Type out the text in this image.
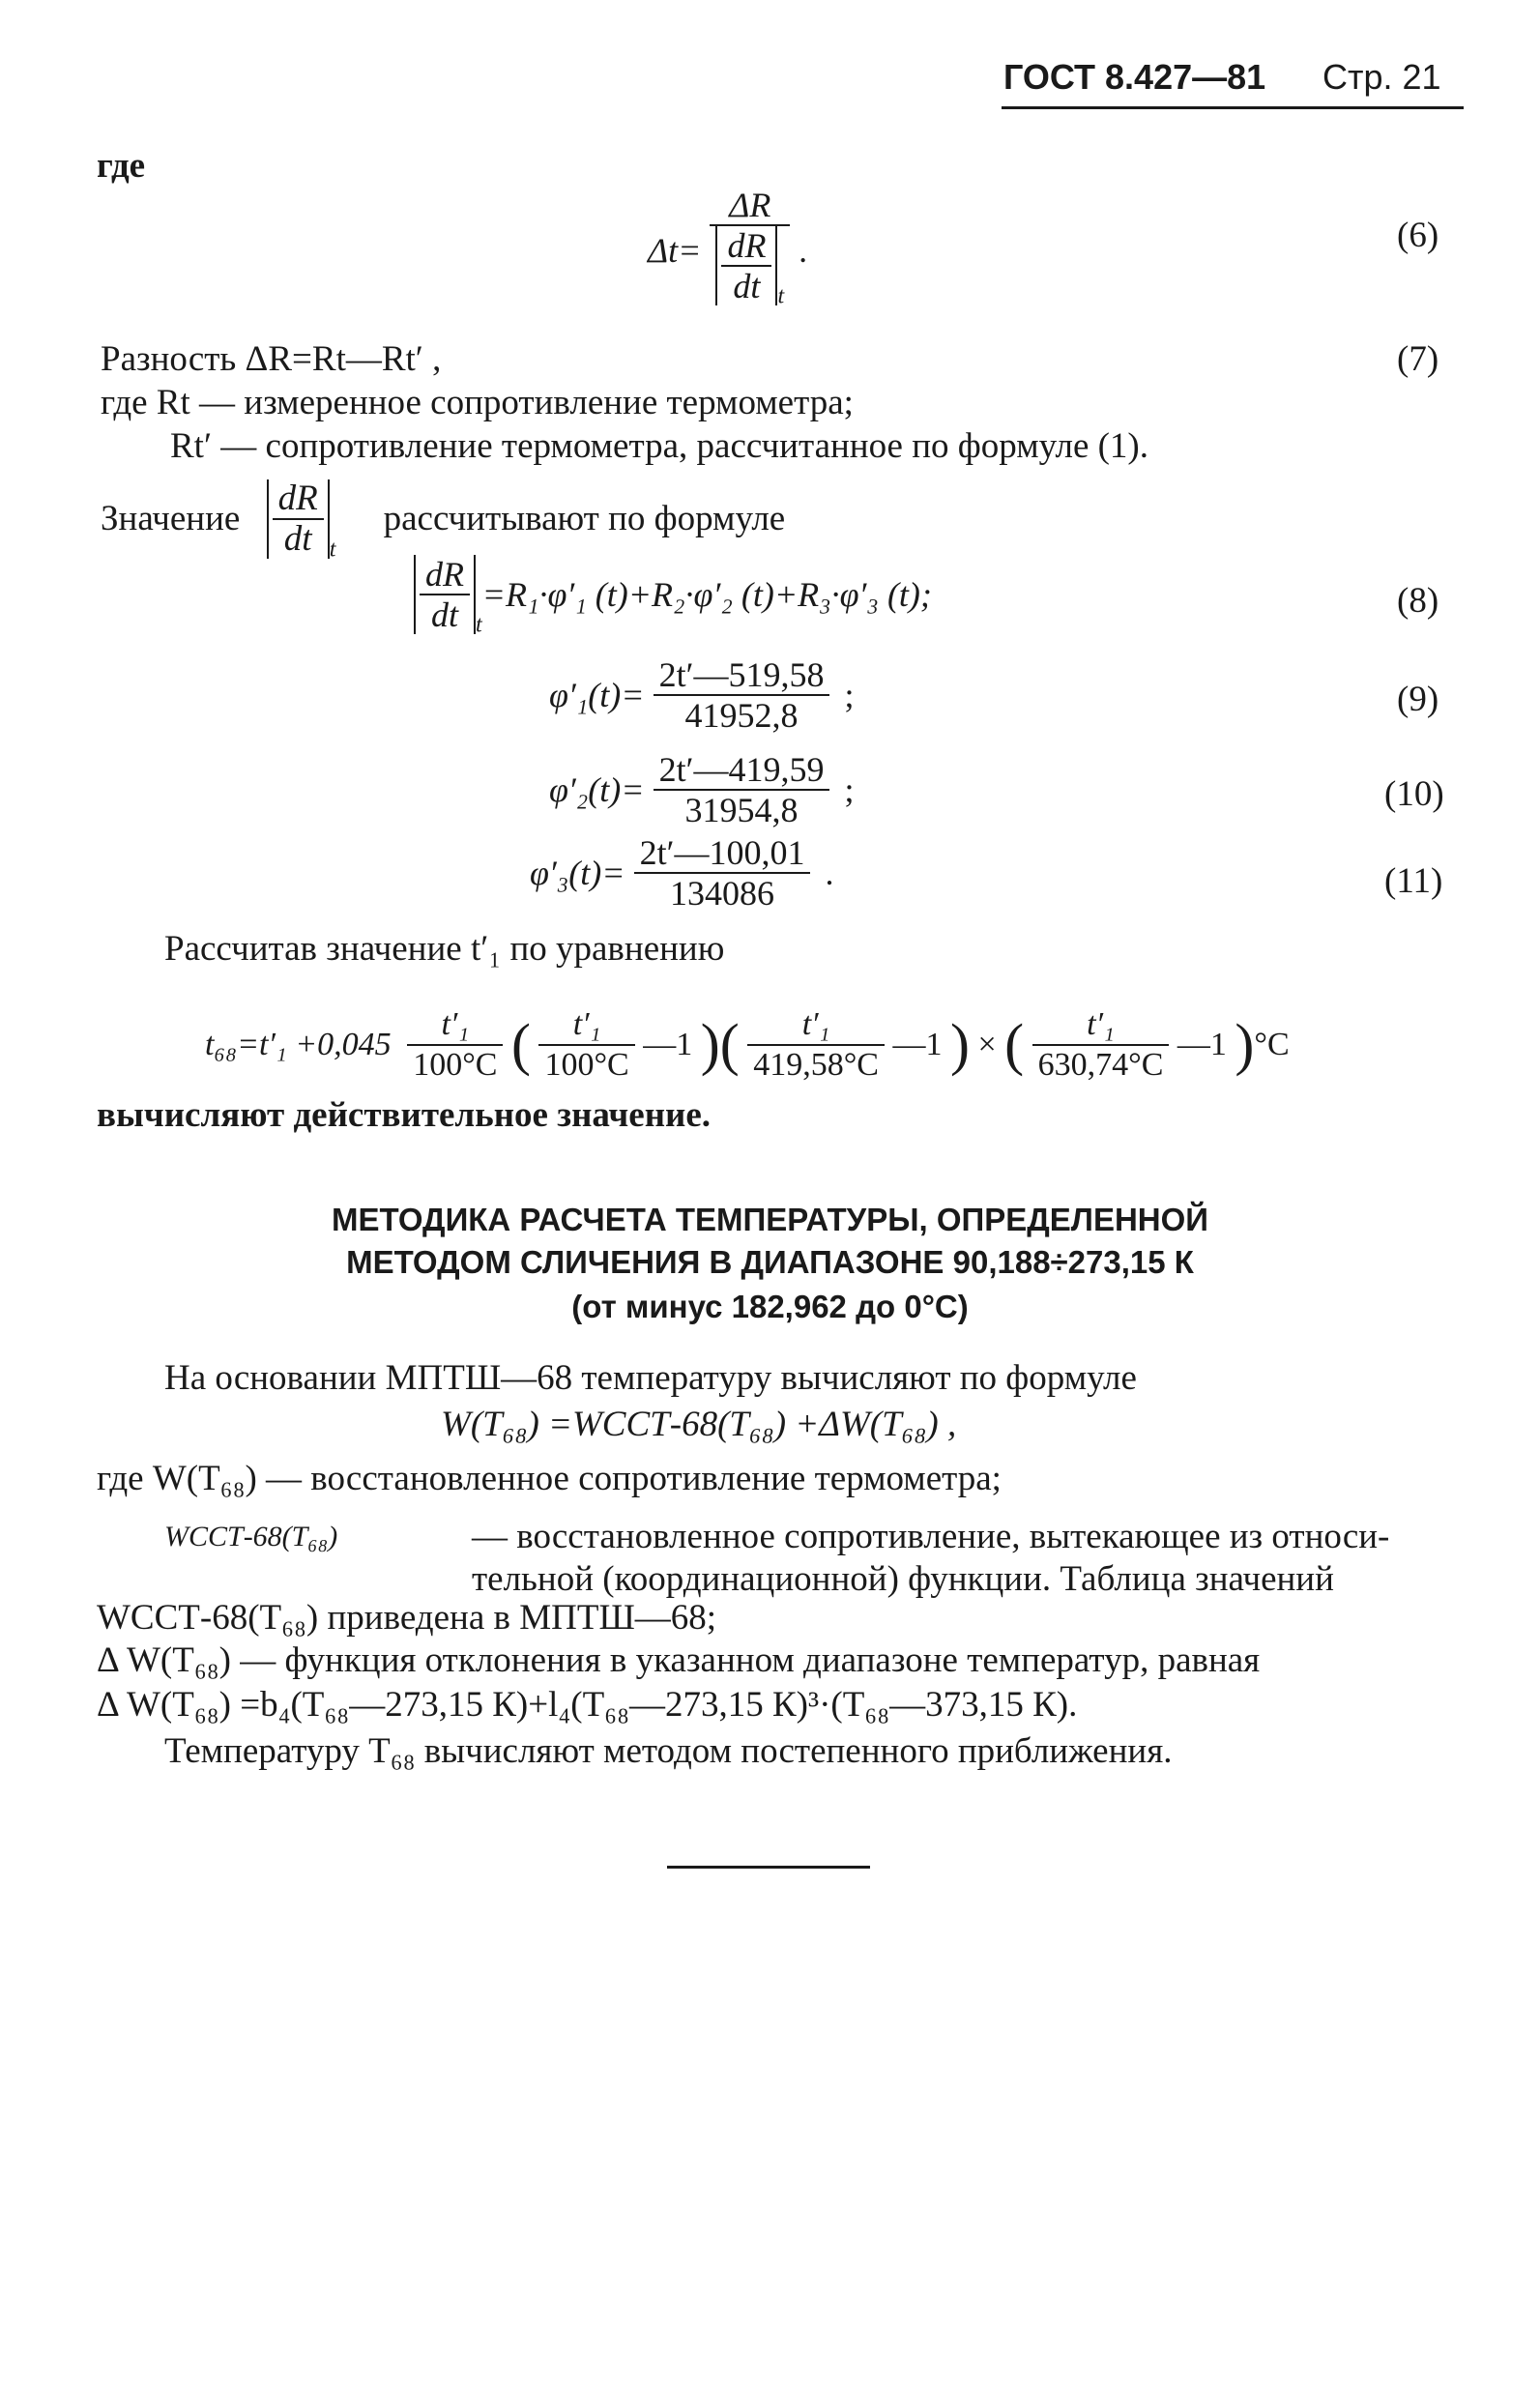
ГОСТ 8.427—81 Стр. 21
где
$\Delta t= \frac{\Delta R}{\frac{dR}{dt} _t}$ .	(6)
Разность ΔR=Rt—Rt′ ,	(7)
где Rt — измеренное сопротивление термометра;
Rt′ — сопротивление термометра, рассчитанное по формуле (1).
Значение $\frac{dR}{dt} _t$ рассчитывают по формуле
$\frac{dR}{dt} _t=R_1\cdot\varphi'_1$ (t)+R₂·φ′₂ (t)+R₃·φ′₃ (t);	(8)
$\varphi'_1(t)= \frac{2t'—519,58}{41952,8}$ ;	(9)
$\varphi'_2(t)= \frac{2t'—419,59}{31954,8}$ ;	(10)
$\varphi'_3(t)= \frac{2t'—100,01}{134086}$ .	(11)
Рассчитав значение t′₁ по уравнению
$t_{68}=t'_1 +0,045 \frac{\text{t′₁}}{100^\circ C}$ ( $\frac{\text{t′₁}}{100^\circ C}$ —1 )( $\frac{\text{t′₁}}{419,58^\circ C}$ —1 ) × ( $\frac{\text{t′₁}}{630,74^\circ C}$ —1 )°C
вычисляют действительное значение.
МЕТОДИКА РАСЧЕТА ТЕМПЕРАТУРЫ, ОПРЕДЕЛЕННОЙ
МЕТОДОМ СЛИЧЕНИЯ В ДИАПАЗОНЕ 90,188÷273,15 К
(от минус 182,962 до 0°С)
На основании МПТШ—68 температуру вычисляют по формуле
W(T₆₈) =WССТ-68(T₆₈) +ΔW(T₆₈) ,
где W(T₆₈) — восстановленное сопротивление термометра;
WССТ-68(T₆₈)	— восстановленное сопротивление, вытекающее из относи-
тельной (координационной) функции. Таблица значений
WССТ-68(T₆₈) приведена в МПТШ—68;
Δ W(T₆₈) — функция отклонения в указанном диапазоне температур, равная
Δ W(T₆₈) =b₄(T₆₈—273,15 К)+l₄(T₆₈—273,15 К)³·(T₆₈—373,15 К).
Температуру T₆₈ вычисляют методом постепенного приближения.
